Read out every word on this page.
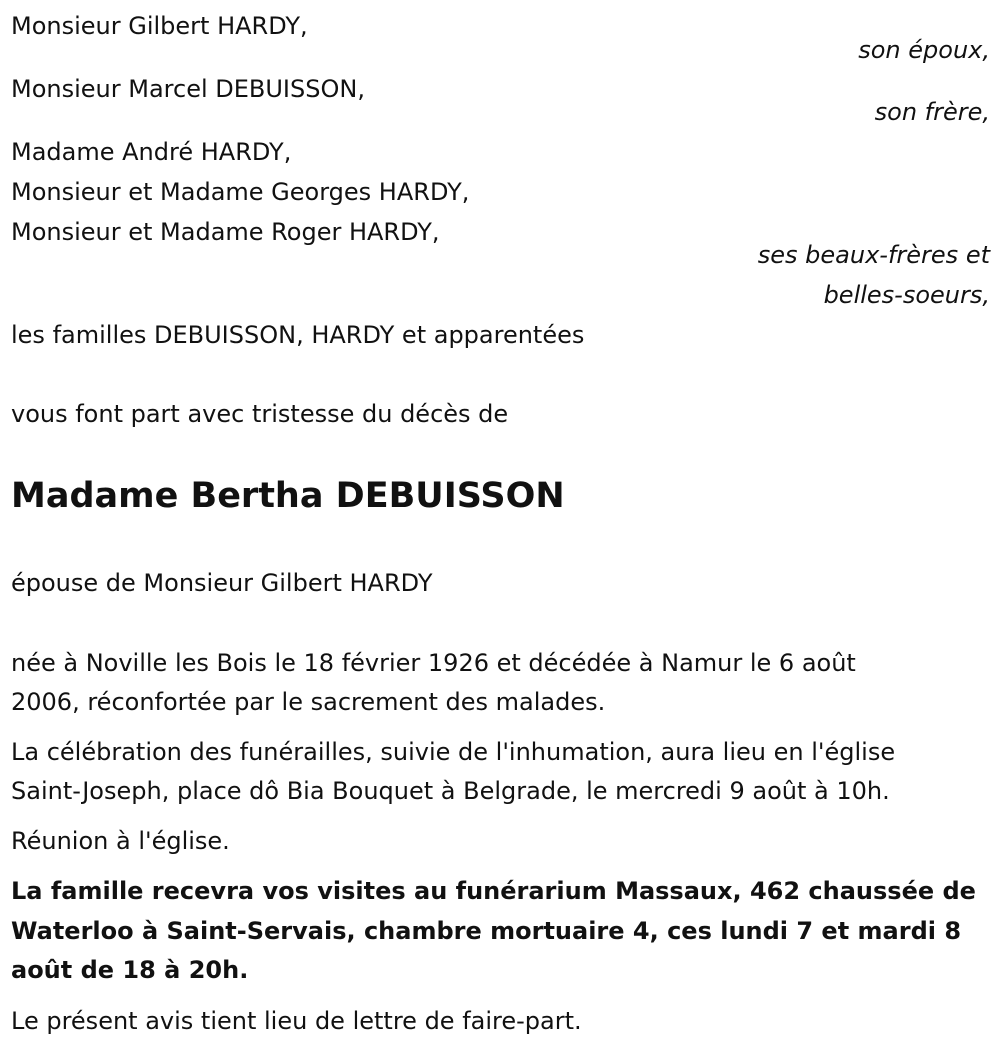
Monsieur Gilbert HARDY,

son époux,

Monsieur Marcel DEBUISSON,

son frère,

Madame André HARDY,

Monsieur et Madame Georges HARDY,

Monsieur et Madame Roger HARDY,

ses beaux-frères et

belles-soeurs,

les familles DEBUISSON, HARDY et apparentées

vous font part avec tristesse du décès de

Madame Bertha DEBUISSON

épouse de Monsieur Gilbert HARDY

née à Noville les Bois le 18 février 1926 et décédée à Namur le 6 août

2006, réconfortée par le sacrement des malades.

La célébration des funérailles, suivie de l'inhumation, aura lieu en l'église

Saint-Joseph, place dô Bia Bouquet à Belgrade, le mercredi 9 août à 10h.

Réunion à l'église.

La famille recevra vos visites au funérarium Massaux, 462 chaussée de

Waterloo à Saint-Servais, chambre mortuaire 4, ces lundi 7 et mardi 8

août de 18 à 20h.

Le présent avis tient lieu de lettre de faire-part.
